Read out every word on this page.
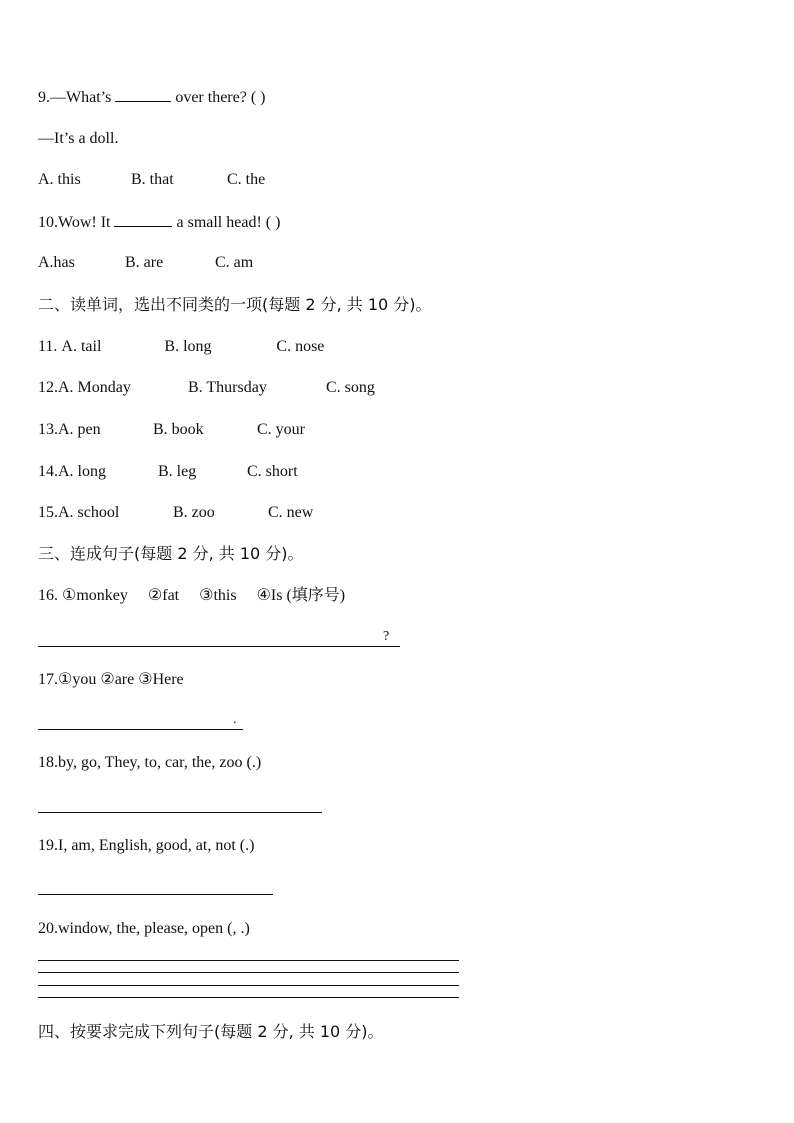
9.—What’s	over there? ( )
—It’s a doll.
A. this	B. that	C. the
10.Wow! It	a small head! ( )
A.has	B. are	C. am
二、读单词，选出不同类的一项(每题 2 分, 共 10 分)。
11. A. tail	B. long	C. nose
12.A. Monday	B. Thursday	C. song
13.A. pen	B. book	C. your
14.A. long	B. leg	C. short
15.A. school	B. zoo	C. new
三、连成句子(每题 2 分, 共 10 分)。
16. ①monkey     ②fat     ③this     ④Is (填序号)
?
17.①you ②are ③Here
.
18.by, go, They, to, car, the, zoo (.)
19.I, am, English, good, at, not (.)
20.window, the, please, open (, .)
四、按要求完成下列句子(每题 2 分, 共 10 分)。
